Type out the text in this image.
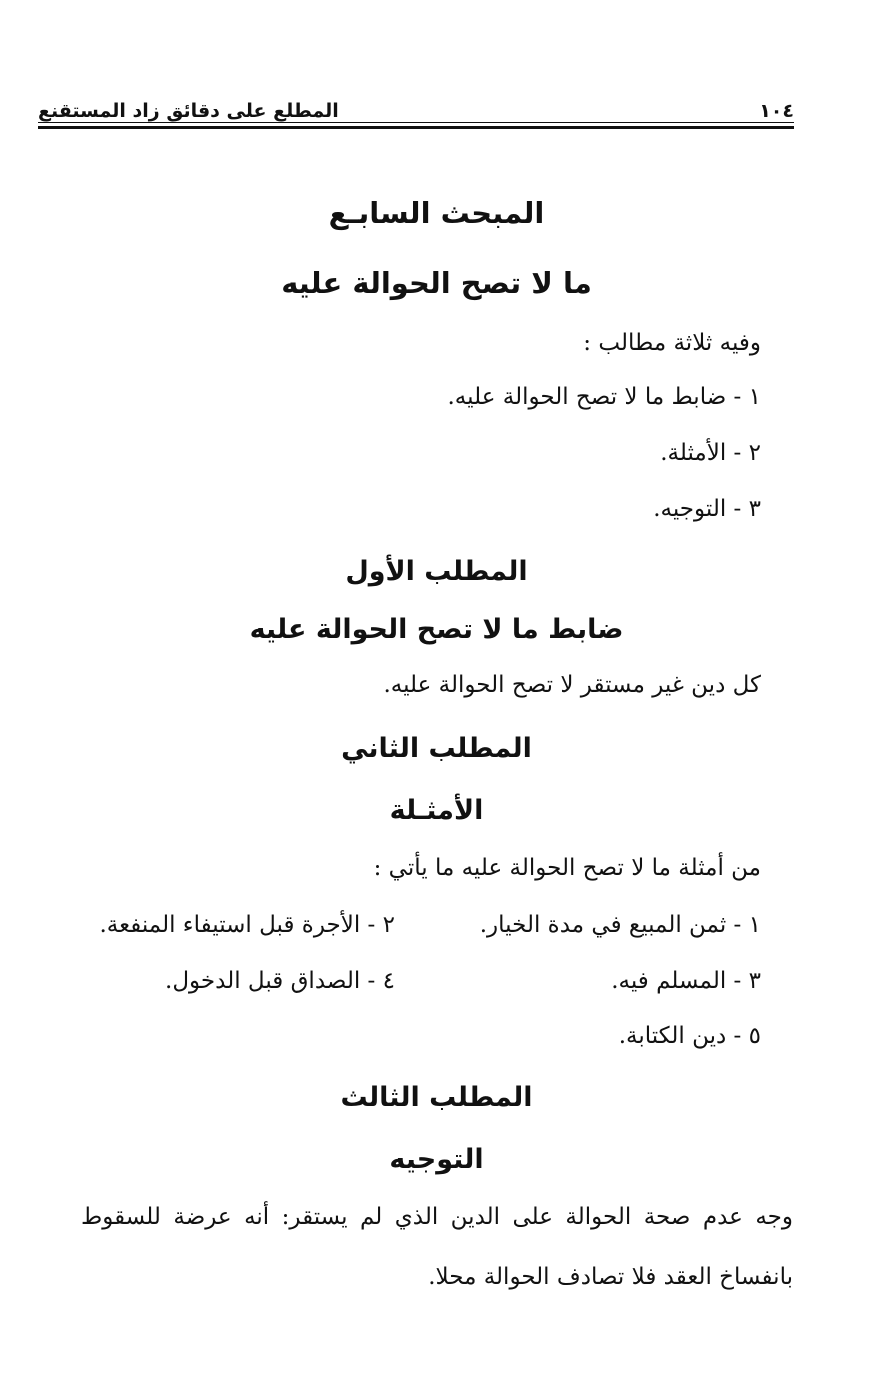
١٠٤
المطلع على دقائق زاد المستقنع
المبحث السابـع
ما لا تصح الحوالة عليه
وفيه ثلاثة مطالب :
١ - ضابط ما لا تصح الحوالة عليه.
٢ - الأمثلة.
٣ - التوجيه.
المطلب الأول
ضابط ما لا تصح الحوالة عليه
كل دين غير مستقر لا تصح الحوالة عليه.
المطلب الثاني
الأمثـلة
من أمثلة ما لا تصح الحوالة عليه ما يأتي :
١ - ثمن المبيع في مدة الخيار.
٢ - الأجرة قبل استيفاء المنفعة.
٣ - المسلم فيه.
٤ - الصداق قبل الدخول.
٥ - دين الكتابة.
المطلب الثالث
التوجيه
وجه عدم صحة الحوالة على الدين الذي لم يستقر: أنه عرضة للسقوط
بانفساخ العقد فلا تصادف الحوالة محلا.
